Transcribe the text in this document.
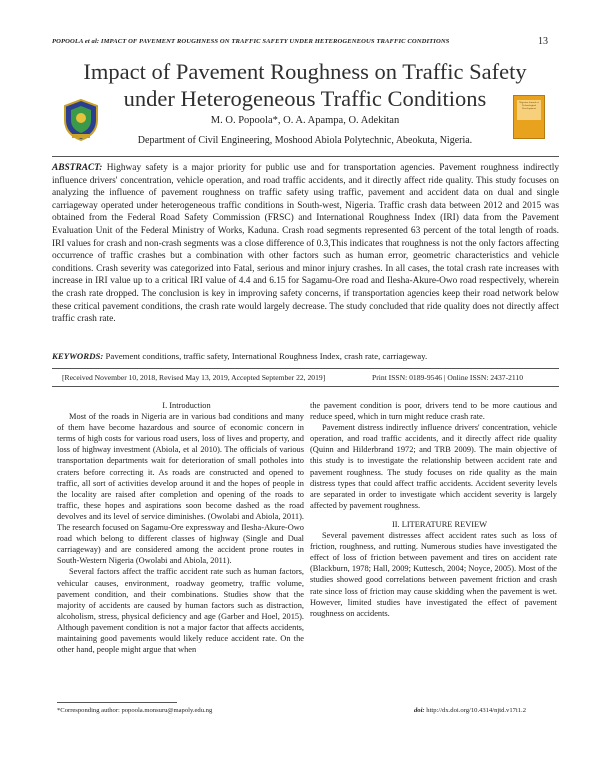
POPOOLA et al: IMPACT OF PAVEMENT ROUGHNESS ON TRAFFIC SAFETY UNDER HETEROGENEOUS TRAFFIC CONDITIONS	13
Impact of Pavement Roughness on Traffic Safety
under Heterogeneous Traffic Conditions	Nigerian Journal of Technological Development
M. O. Popoola*, O. A. Apampa, O. Adekitan
Department of Civil Engineering, Moshood Abiola Polytechnic, Abeokuta, Nigeria.
ABSTRACT: Highway safety is a major priority for public use and for transportation agencies. Pavement roughness indirectly influence drivers' concentration, vehicle operation, and road traffic accidents, and it directly affect ride quality. This study focuses on analyzing the influence of pavement roughness on traffic safety using traffic, pavement and accident data on dual and single carriageway operated under heterogeneous traffic conditions in South-west, Nigeria. Traffic crash data between 2012 and 2015 was obtained from the Federal Road Safety Commission (FRSC) and International Roughness Index (IRI) data from the Pavement Evaluation Unit of the Federal Ministry of Works, Kaduna. Crash road segments represented 63 percent of the total length of roads. IRI values for crash and non-crash segments was a close difference of 0.3,This indicates that roughness is not the only factors affecting occurrence of traffic crashes but a combination with other factors such as human error, geometric characteristics and vehicle conditions. Crash severity was categorized into Fatal, serious and minor injury crashes. In all cases, the total crash rate increases with increase in IRI value up to a critical IRI value of 4.4 and 6.15 for Sagamu-Ore road and Ilesha-Akure-Owo road respectively, wherein the crash rate dropped. The conclusion is key in improving safety concerns, if transportation agencies keep their road network below these critical pavement conditions, the crash rate would largely decrease. The study concluded that ride quality does not directly affect traffic crash rate.
KEYWORDS: Pavement conditions, traffic safety, International Roughness Index, crash rate, carriageway.
[Received November 10, 2018, Revised May 13, 2019, Accepted September 22, 2019]	Print ISSN: 0189-9546 | Online ISSN: 2437-2110

I. Introduction

Most of the roads in Nigeria are in various bad conditions and many of them have become hazardous and source of economic concern in terms of high costs for various road users, loss of lives and property, and loss of highway investment (Abiola, et al 2010). The officials of various transportation departments wait for deterioration of small potholes into craters before correcting it. As roads are constructed and opened to traffic, all sort of activities develop around it and the hopes of people in the locality are raised after completion and opening of the roads to traffic, these hopes and aspirations soon become dashed as the road devolves and its level of service diminishes. (Owolabi and Abiola, 2011). The research focused on Sagamu-Ore expressway and Ilesha-Akure-Owo road which belong to different classes of highway (Single and Dual carriageway) and are considered among the accident prone routes in South-Western Nigeria (Owolabi and Abiola, 2011).

Several factors affect the traffic accident rate such as human factors, vehicular causes, environment, roadway geometry, traffic volume, pavement condition, and their combinations. Studies show that the majority of accidents are caused by human factors such as distraction, alcoholism, stress, physical deficiency and age (Garber and Hoel, 2015). Although pavement condition is not a major factor that affects accidents, maintaining good pavements would likely reduce accident rate. On the other hand, people might argue that when

the pavement condition is poor, drivers tend to be more cautious and reduce speed, which in turn might reduce crash rate.

Pavement distress indirectly influence drivers' concentration, vehicle operation, and road traffic accidents, and it directly affect ride quality (Quinn and Hilderbrand 1972; and TRB 2009). The main objective of this study is to investigate the relationship between accident rate and pavement roughness. The study focuses on ride quality as the main distress types that could affect traffic accidents. Accident severity levels are separated in order to investigate which accident severity is largely affected by pavement roughness.

II. LITERATURE REVIEW

Several pavement distresses affect accident rates such as loss of friction, roughness, and rutting. Numerous studies have investigated the effect of loss of friction between pavement and tires on accident rate (Blackburn, 1978; Hall, 2009; Kuttesch, 2004; Noyce, 2005). Most of the studies showed good correlations between pavement friction and crash rate since loss of friction may cause skidding when the pavement is wet. However, limited studies have investigated the effect of pavement roughness on accidents.

*Corresponding author: popoola.monsuru@mapoly.edu.ng	doi: http://dx.doi.org/10.4314/njtd.v17i1.2
